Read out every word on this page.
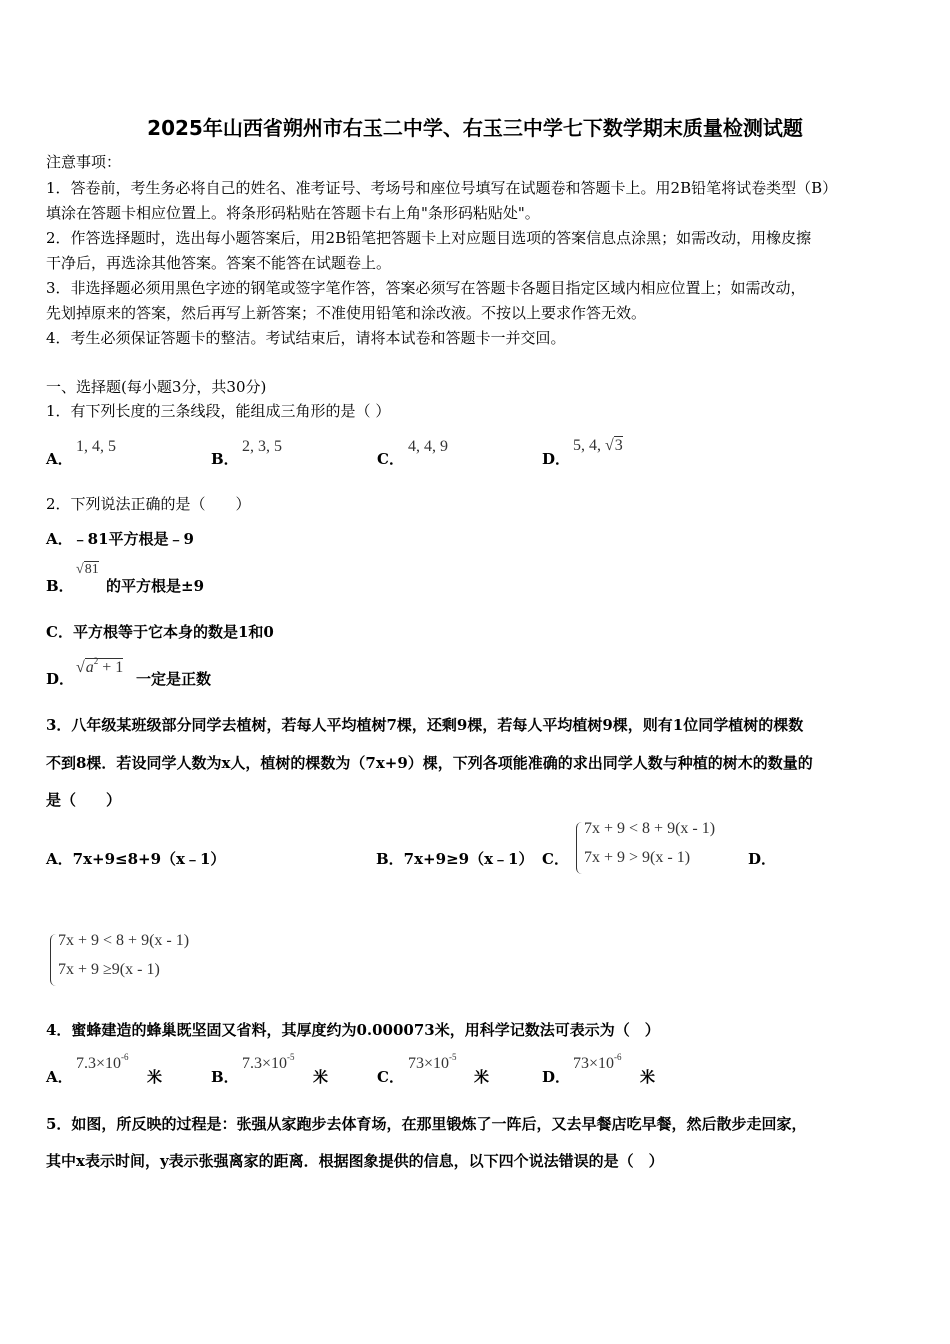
2025年山西省朔州市右玉二中学、右玉三中学七下数学期末质量检测试题
注意事项：
1．答卷前，考生务必将自己的姓名、准考证号、考场号和座位号填写在试题卷和答题卡上。用2B铅笔将试卷类型（B）
填涂在答题卡相应位置上。将条形码粘贴在答题卡右上角"条形码粘贴处"。
2．作答选择题时，选出每小题答案后，用2B铅笔把答题卡上对应题目选项的答案信息点涂黑；如需改动，用橡皮擦
干净后，再选涂其他答案。答案不能答在试题卷上。
3．非选择题必须用黑色字迹的钢笔或签字笔作答，答案必须写在答题卡各题目指定区域内相应位置上；如需改动，
先划掉原来的答案，然后再写上新答案；不准使用铅笔和涂改液。不按以上要求作答无效。
4．考生必须保证答题卡的整洁。考试结束后，请将本试卷和答题卡一并交回。
一、选择题(每小题3分，共30分)
1．有下列长度的三条线段，能组成三角形的是（ ）
A．
1, 4, 5
B．
2, 3, 5
C．
4, 4, 9
D．
5, 4, √3
2．下列说法正确的是（　　）
A．﹣81平方根是﹣9
B．
√81
的平方根是±9
C．平方根等于它本身的数是1和0
D．
$√a^2 + 1$
一定是正数
3．八年级某班级部分同学去植树，若每人平均植树7棵，还剩9棵，若每人平均植树9棵，则有1位同学植树的棵数
不到8棵．若设同学人数为x人，植树的棵数为（7x+9）棵，下列各项能准确的求出同学人数与种植的树木的数量的
是（　　）
A．7x+9≤8+9（x﹣1）	B．7x+9≥9（x﹣1） C．
7x + 9 < 8 + 9(x - 1)
7x + 9 > 9(x - 1)	D．
7x + 9 < 8 + 9(x - 1)
7x + 9 ≥9(x - 1)
4．蜜蜂建造的蜂巢既坚固又省料，其厚度约为0.000073米，用科学记数法可表示为（　）
A．
$7.3\times 10^{-6}$
米	B．
$7.3\times 10^{-5}$
米	C．
$73\times 10^{-5}$
米	D．
$73\times 10^{-6}$
米
5．如图，所反映的过程是：张强从家跑步去体育场，在那里锻炼了一阵后，又去早餐店吃早餐，然后散步走回家，
其中x表示时间，y表示张强离家的距离．根据图象提供的信息，以下四个说法错误的是（　）
